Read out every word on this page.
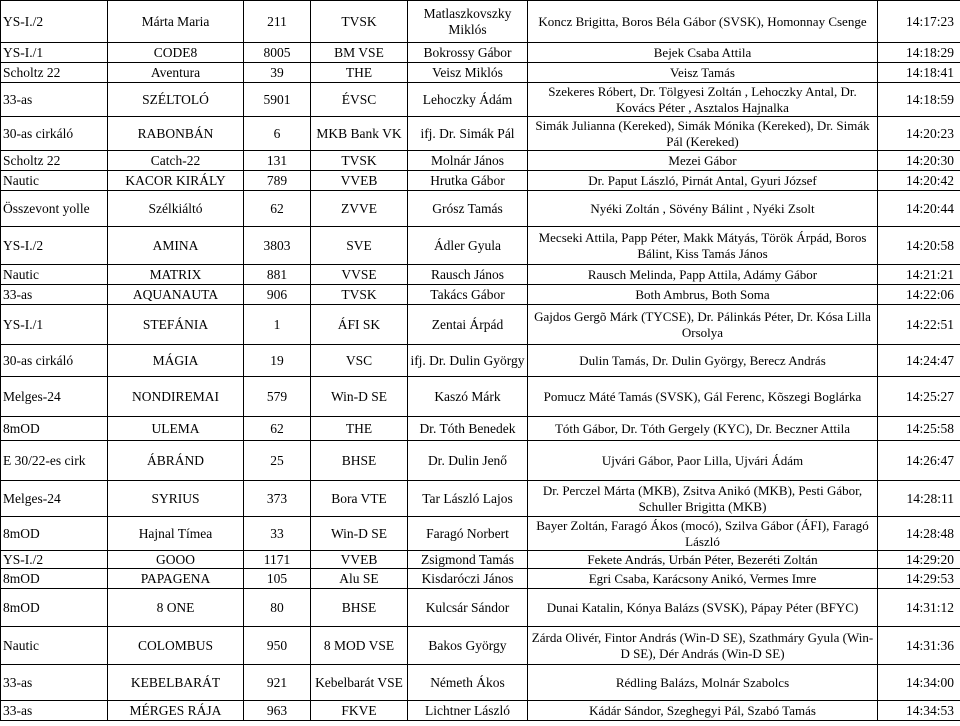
YS-I./2	Márta Maria	211	TVSK	Matlaszkovszky Miklós	Koncz Brigitta, Boros Béla Gábor (SVSK), Homonnay Csenge	14:17:23
YS-I./1	CODE8	8005	BM VSE	Bokrossy Gábor	Bejek Csaba Attila	14:18:29
Scholtz 22	Aventura	39	THE	Veisz Miklós	Veisz Tamás	14:18:41
33-as	SZÉLTOLÓ	5901	ÉVSC	Lehoczky Ádám	Szekeres Róbert, Dr. Tölgyesi Zoltán , Lehoczky Antal, Dr. Kovács Péter , Asztalos Hajnalka	14:18:59
30-as cirkáló	RABONBÁN	6	MKB Bank VK	ifj. Dr. Simák Pál	Simák Julianna (Kereked), Simák Mónika (Kereked), Dr. Simák Pál (Kereked)	14:20:23
Scholtz 22	Catch-22	131	TVSK	Molnár János	Mezei Gábor	14:20:30
Nautic	KACOR KIRÁLY	789	VVEB	Hrutka Gábor	Dr. Paput László, Pirnát Antal, Gyuri József	14:20:42
Összevont yolle	Szélkiáltó	62	ZVVE	Grósz Tamás	Nyéki Zoltán , Sövény Bálint , Nyéki Zsolt	14:20:44
YS-I./2	AMINA	3803	SVE	Ádler Gyula	Mecseki Attila, Papp Péter, Makk Mátyás, Török Árpád, Boros Bálint, Kiss Tamás János	14:20:58
Nautic	MATRIX	881	VVSE	Rausch János	Rausch Melinda, Papp Attila, Adámy Gábor	14:21:21
33-as	AQUANAUTA	906	TVSK	Takács Gábor	Both Ambrus, Both Soma	14:22:06
YS-I./1	STEFÁNIA	1	ÁFI SK	Zentai Árpád	Gajdos Gergõ Márk (TYCSE), Dr. Pálinkás Péter, Dr. Kósa Lilla Orsolya	14:22:51
30-as cirkáló	MÁGIA	19	VSC	ifj. Dr. Dulin György	Dulin Tamás, Dr. Dulin György, Berecz András	14:24:47
Melges-24	NONDIREMAI	579	Win-D SE	Kaszó Márk	Pomucz Máté Tamás (SVSK), Gál Ferenc, Kõszegi Boglárka	14:25:27
8mOD	ULEMA	62	THE	Dr. Tóth Benedek	Tóth Gábor, Dr. Tóth Gergely (KYC), Dr. Beczner Attila	14:25:58
E 30/22-es cirk	ÁBRÁND	25	BHSE	Dr. Dulin Jenő	Ujvári Gábor, Paor Lilla, Ujvári Ádám	14:26:47
Melges-24	SYRIUS	373	Bora VTE	Tar László Lajos	Dr. Perczel Márta (MKB), Zsitva Anikó (MKB), Pesti Gábor, Schuller Brigitta (MKB)	14:28:11
8mOD	Hajnal Tímea	33	Win-D SE	Faragó Norbert	Bayer Zoltán, Faragó Ákos (mocó), Szilva Gábor (ÁFI), Faragó László	14:28:48
YS-I./2	GOOO	1171	VVEB	Zsigmond Tamás	Fekete András, Urbán Péter, Bezeréti Zoltán	14:29:20
8mOD	PAPAGENA	105	Alu SE	Kisdaróczi János	Egri Csaba, Karácsony Anikó, Vermes Imre	14:29:53
8mOD	8 ONE	80	BHSE	Kulcsár Sándor	Dunai Katalin, Kónya Balázs (SVSK), Pápay Péter (BFYC)	14:31:12
Nautic	COLOMBUS	950	8 MOD VSE	Bakos György	Zárda Olivér, Fintor András (Win-D SE), Szathmáry Gyula (Win-D SE), Dér András (Win-D SE)	14:31:36
33-as	KEBELBARÁT	921	Kebelbarát VSE	Németh Ákos	Rédling Balázs, Molnár Szabolcs	14:34:00
33-as	MÉRGES RÁJA	963	FKVE	Lichtner László	Kádár Sándor, Szeghegyi Pál, Szabó Tamás	14:34:53
